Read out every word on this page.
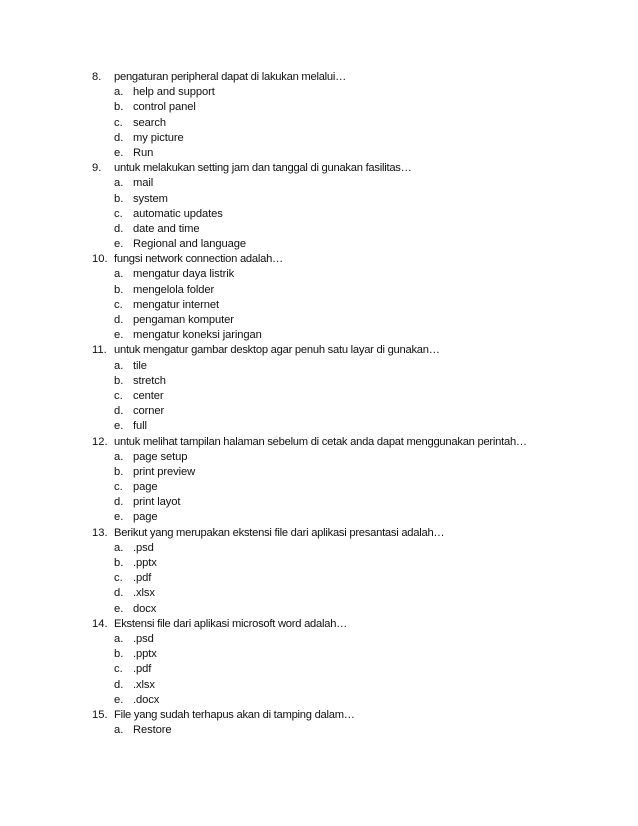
8.	pengaturan peripheral dapat di lakukan melalui…
a. help and support
b. control panel
c. search
d. my picture
e. Run
9.	untuk melakukan setting jam dan tanggal di gunakan fasilitas…
a. mail
b. system
c. automatic updates
d. date and time
e. Regional and language
10. fungsi network connection adalah…
a. mengatur daya listrik
b. mengelola folder
c. mengatur internet
d. pengaman komputer
e. mengatur koneksi jaringan
11. untuk mengatur gambar desktop agar penuh satu layar di gunakan…
a. tile
b. stretch
c. center
d. corner
e. full
12. untuk melihat tampilan halaman sebelum di cetak anda dapat menggunakan perintah…
a. page setup
b. print preview
c. page
d. print layot
e. page
13. Berikut yang merupakan ekstensi file dari aplikasi presantasi adalah…
a. .psd
b. .pptx
c. .pdf
d. .xlsx
e. docx
14. Ekstensi file dari aplikasi microsoft word adalah…
a. .psd
b. .pptx
c. .pdf
d. .xlsx
e. .docx
15. File yang sudah terhapus akan di tamping dalam…
a. Restore
